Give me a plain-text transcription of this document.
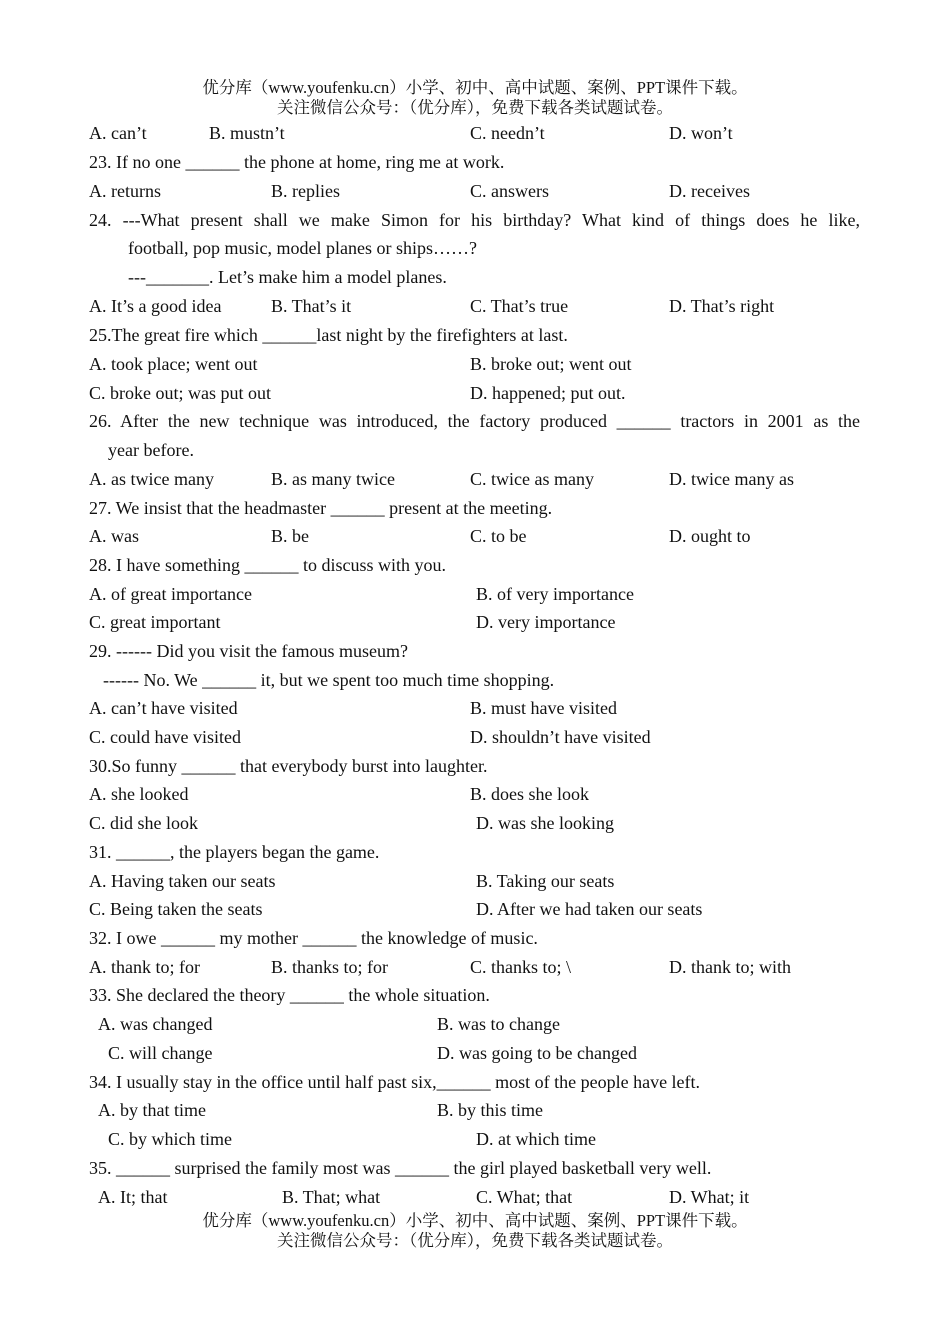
优分库（www.youfenku.cn）小学、初中、高中试题、案例、PPT课件下载。
关注微信公众号：（优分库），免费下载各类试题试卷。
A. can’t	B. mustn’t	C. needn’t	D. won’t
23. If no one ______ the phone at home, ring me at work.
A. returns	B. replies	C. answers	D. receives
24. ---What present shall we make Simon for his birthday? What kind of things does he like,
football, pop music, model planes or ships……?
---_______. Let’s make him a model planes.
A. It’s a good idea	B. That’s it	C. That’s true	D. That’s right
25.The great fire which ______last night by the firefighters at last.
A. took place; went out	B. broke out; went out
C. broke out; was put out	D. happened; put out.
26. After the new technique was introduced, the factory produced ______ tractors in 2001 as the
year before.
A. as twice many	B. as many twice	C. twice as many	D. twice many as
27. We insist that the headmaster ______ present at the meeting.
A. was	B. be	C. to be	D. ought to
28. I have something ______ to discuss with you.
A. of great importance	B. of very importance
C. great important	D. very importance
29. ------ Did you visit the famous museum?
------ No. We ______ it, but we spent too much time shopping.
A. can’t have visited	B. must have visited
C. could have visited	D. shouldn’t have visited
30.So funny ______ that everybody burst into laughter.
A. she looked	B. does she look
C. did she look	D. was she looking
31. ______, the players began the game.
A. Having taken our seats	B. Taking our seats
C. Being taken the seats	D. After we had taken our seats
32. I owe ______ my mother ______ the knowledge of music.
A. thank to; for	B. thanks to; for	C. thanks to; \	D. thank to; with
33. She declared the theory ______ the whole situation.
A. was changed	B. was to change
C. will change	D. was going to be changed
34. I usually stay in the office until half past six,______ most of the people have left.
A. by that time	B. by this time
C. by which time	D. at which time
35. ______ surprised the family most was ______ the girl played basketball very well.
A. It; that	B. That; what	C. What; that	D. What; it
优分库（www.youfenku.cn）小学、初中、高中试题、案例、PPT课件下载。
关注微信公众号：（优分库），免费下载各类试题试卷。
